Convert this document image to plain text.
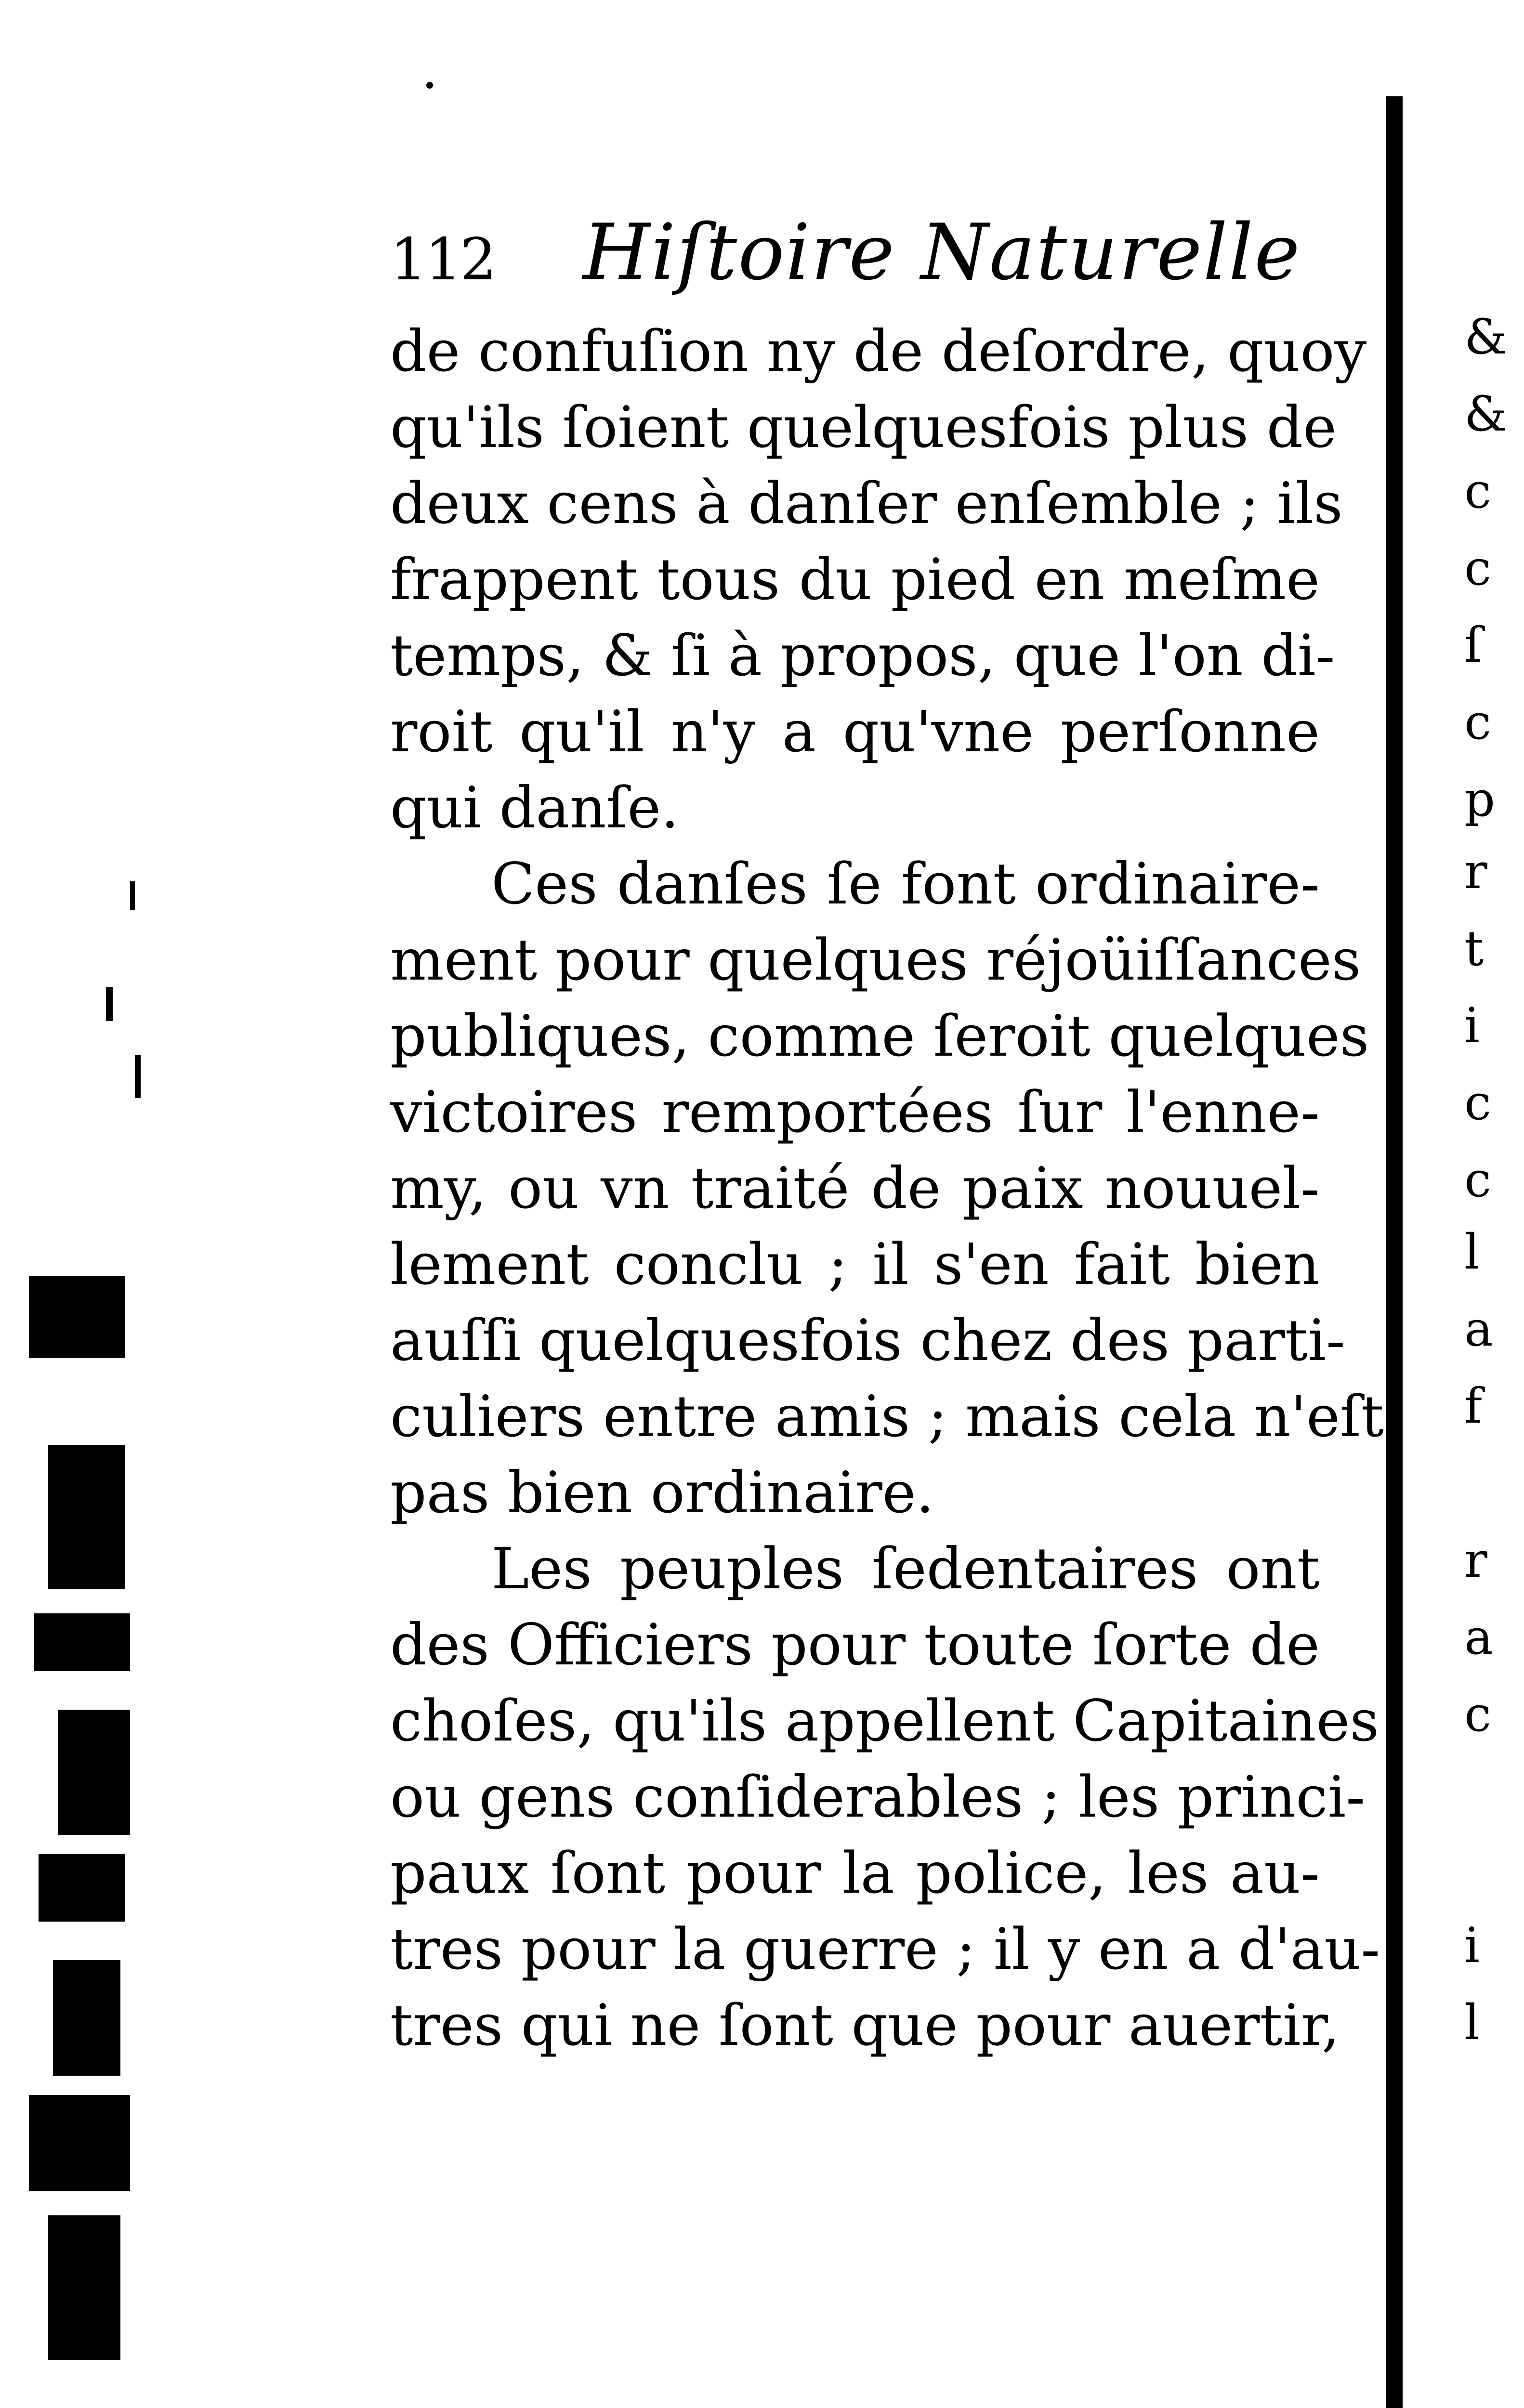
112 Hiſtoire Naturelle
de confuſion ny de deſordre, quoy
qu'ils ſoient quelquesfois plus de
deux cens à danſer enſemble ; ils
frappent tous du pied en meſme
temps, & ſi à propos, que l'on di-
roit qu'il n'y a qu'vne perſonne
qui danſe.
Ces danſes ſe font ordinaire-
ment pour quelques réjoüiſſances
publiques, comme ſeroit quelques
victoires remportées ſur l'enne-
my, ou vn traité de paix nouuel-
lement conclu ; il s'en fait bien
auſſi quelquesfois chez des parti-
culiers entre amis ; mais cela n'eſt
pas bien ordinaire.
Les peuples ſedentaires ont
des Officiers pour toute ſorte de
choſes, qu'ils appellent Capitaines
ou gens conſiderables ; les princi-
paux ſont pour la police, les au-
tres pour la guerre ; il y en a d'au-
tres qui ne ſont que pour auertir,
&
&
c
c
ſ
c
p
r
t
i
c
c
l
a
f
r
a
c
i
l
